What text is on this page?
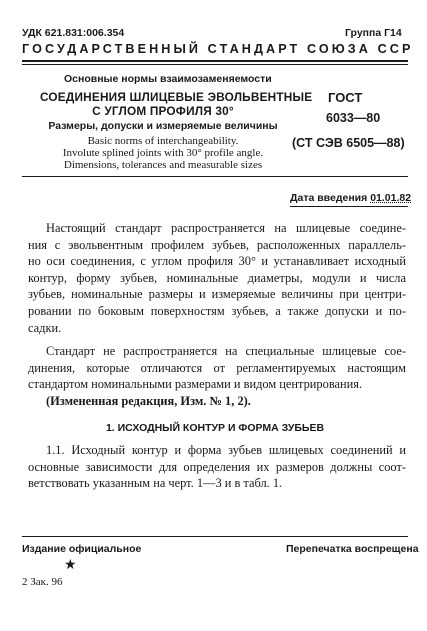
УДК 621.831:006.354	Группа Г14
ГОСУДАРСТВЕННЫЙ СТАНДАРТ СОЮЗА ССР
Основные нормы взаимозаменяемости
СОЕДИНЕНИЯ ШЛИЦЕВЫЕ ЭВОЛЬВЕНТНЫЕ
С УГЛОМ ПРОФИЛЯ 30°
Размеры, допуски и измеряемые величины
Basic norms of interchangeability.
Involute splined joints with 30° profile angle.
Dimensions, tolerances and measurable sizes
ГОСТ
6033—80
(СТ СЭВ 6505—88)
Дата введения 01.01.82
Настоящий стандарт распространяется на шлицевые соедине-
ния с эвольвентным профилем зубьев, расположенных параллель-
но оси соединения, с углом профиля 30° и устанавливает исходный
контур, форму зубьев, номинальные диаметры, модули и числа
зубьев, номинальные размеры и измеряемые величины при центри-
ровании по боковым поверхностям зубьев, а также допуски и по-
садки.
Стандарт не распространяется на специальные шлицевые сое-
динения, которые отличаются от регламентируемых настоящим
стандартом номинальными размерами и видом центрирования.
(Измененная редакция, Изм. № 1, 2).
1. ИСХОДНЫЙ КОНТУР И ФОРМА ЗУБЬЕВ
1.1. Исходный контур и форма зубьев шлицевых соединений и
основные зависимости для определения их размеров должны соот-
ветствовать указанным на черт. 1—3 и в табл. 1.
Издание официальное
★
Перепечатка воспрещена
2 Зак. 96
